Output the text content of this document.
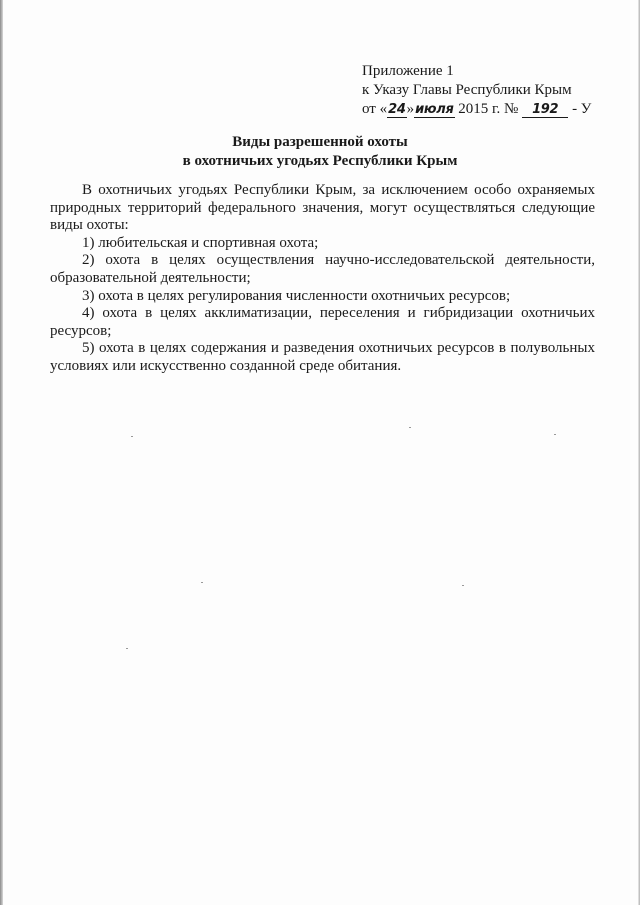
Приложение 1
к Указу Главы Республики Крым
от «24»июля 2015 г. № 192 - У
Виды разрешенной охоты
в охотничьих угодьях Республики Крым

В охотничьих угодьях Республики Крым, за исключением особо охраняемых природных территорий федерального значения, могут осуществляться следующие виды охоты:

1) любительская и спортивная охота;

2) охота в целях осуществления научно-исследовательской деятельности, образовательной деятельности;

3) охота в целях регулирования численности охотничьих ресурсов;

4) охота в целях акклиматизации, переселения и гибридизации охотничьих ресурсов;

5) охота в целях содержания и разведения охотничьих ресурсов в полувольных условиях или искусственно созданной среде обитания.
